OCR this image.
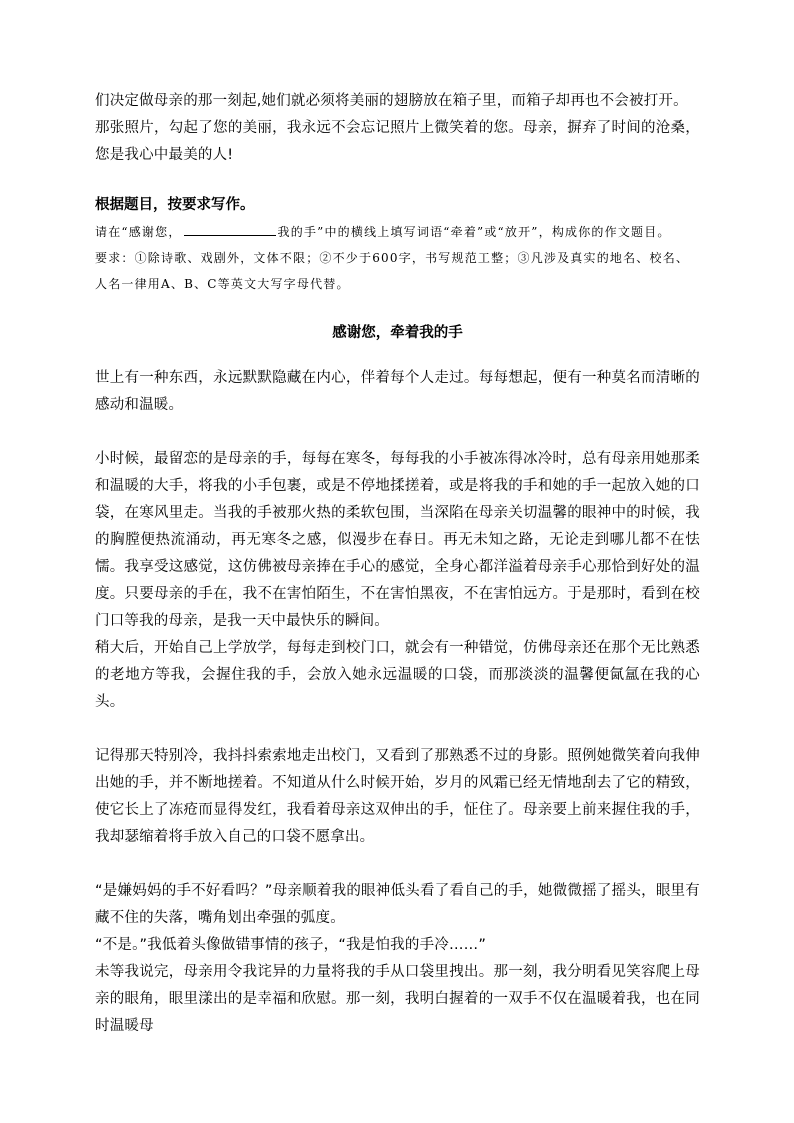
们决定做母亲的那一刻起,她们就必须将美丽的翅膀放在箱子里，而箱子却再也不会被打开。

那张照片，勾起了您的美丽，我永远不会忘记照片上微笑着的您。母亲，摒弃了时间的沧桑，您是我心中最美的人!

根据题目，按要求写作。

请在“感谢您，	我的手”中的横线上填写词语“牵着”或“放开”，构成你的作文题目。

要求：①除诗歌、戏剧外，文体不限；②不少于600字，书写规范工整；③凡涉及真实的地名、校名、人名一律用A、B、C等英文大写字母代替。

感谢您，牵着我的手

世上有一种东西，永远默默隐藏在内心，伴着每个人走过。每每想起，便有一种莫名而清晰的感动和温暖。

小时候，最留恋的是母亲的手，每每在寒冬，每每我的小手被冻得冰冷时，总有母亲用她那柔和温暖的大手，将我的小手包裹，或是不停地揉搓着，或是将我的手和她的手一起放入她的口袋，在寒风里走。当我的手被那火热的柔软包围，当深陷在母亲关切温馨的眼神中的时候，我的胸膛便热流涌动，再无寒冬之感，似漫步在春日。再无未知之路，无论走到哪儿都不在怯懦。我享受这感觉，这仿佛被母亲捧在手心的感觉，全身心都洋溢着母亲手心那恰到好处的温度。只要母亲的手在，我不在害怕陌生，不在害怕黑夜，不在害怕远方。于是那时，看到在校门口等我的母亲，是我一天中最快乐的瞬间。

稍大后，开始自己上学放学，每每走到校门口，就会有一种错觉，仿佛母亲还在那个无比熟悉的老地方等我，会握住我的手，会放入她永远温暖的口袋，而那淡淡的温馨便氤氲在我的心头。

记得那天特别冷，我抖抖索索地走出校门，又看到了那熟悉不过的身影。照例她微笑着向我伸出她的手，并不断地搓着。不知道从什么时候开始，岁月的风霜已经无情地刮去了它的精致，使它长上了冻疮而显得发红，我看着母亲这双伸出的手，怔住了。母亲要上前来握住我的手，我却瑟缩着将手放入自己的口袋不愿拿出。

“是嫌妈妈的手不好看吗？”母亲顺着我的眼神低头看了看自己的手，她微微摇了摇头，眼里有藏不住的失落，嘴角划出牵强的弧度。

“不是。”我低着头像做错事情的孩子，“我是怕我的手冷……”

未等我说完，母亲用令我诧异的力量将我的手从口袋里拽出。那一刻，我分明看见笑容爬上母亲的眼角，眼里漾出的是幸福和欣慰。那一刻，我明白握着的一双手不仅在温暖着我，也在同时温暖母
